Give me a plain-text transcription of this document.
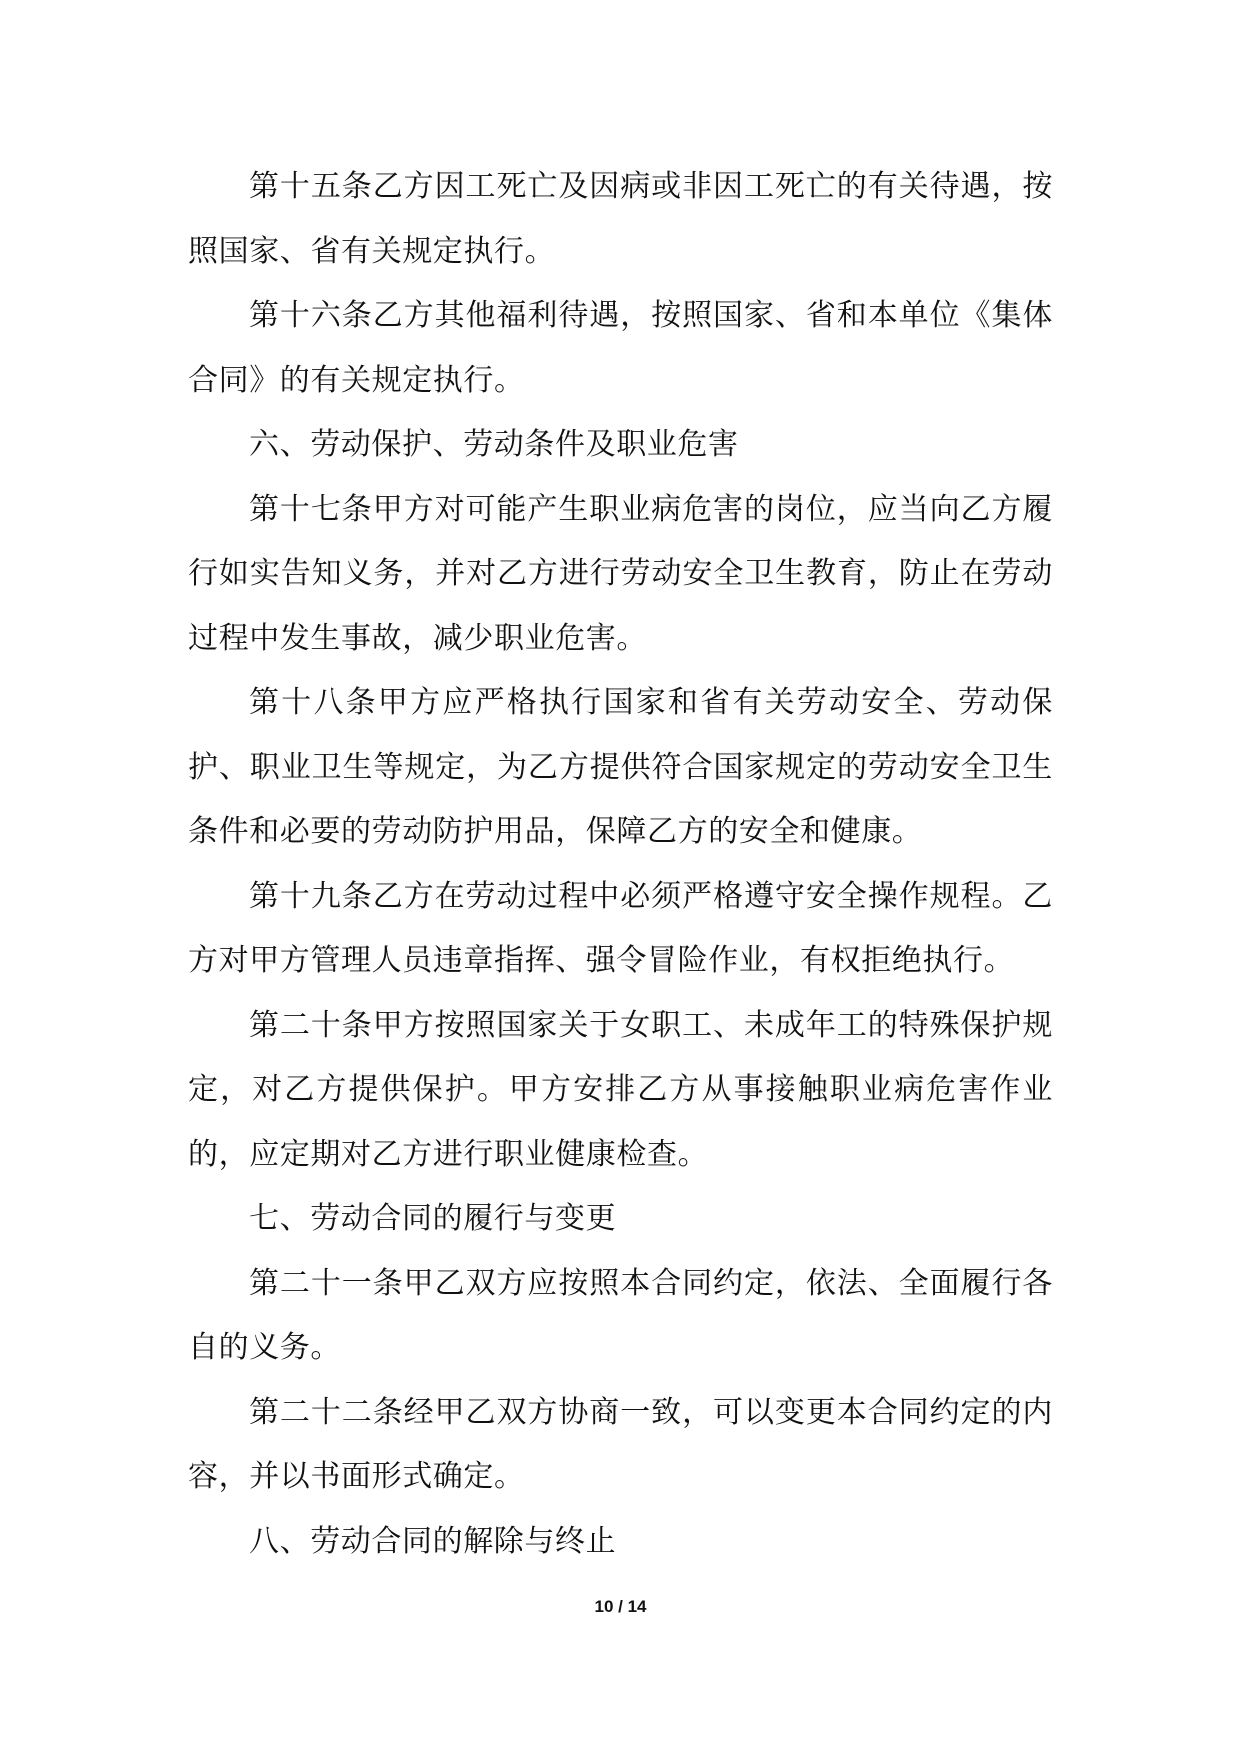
第十五条乙方因工死亡及因病或非因工死亡的有关待遇，按照国家、省有关规定执行。

第十六条乙方其他福利待遇，按照国家、省和本单位《集体合同》的有关规定执行。

六、劳动保护、劳动条件及职业危害

第十七条甲方对可能产生职业病危害的岗位，应当向乙方履行如实告知义务，并对乙方进行劳动安全卫生教育，防止在劳动过程中发生事故，减少职业危害。

第十八条甲方应严格执行国家和省有关劳动安全、劳动保护、职业卫生等规定，为乙方提供符合国家规定的劳动安全卫生条件和必要的劳动防护用品，保障乙方的安全和健康。

第十九条乙方在劳动过程中必须严格遵守安全操作规程。乙方对甲方管理人员违章指挥、强令冒险作业，有权拒绝执行。

第二十条甲方按照国家关于女职工、未成年工的特殊保护规定，对乙方提供保护。甲方安排乙方从事接触职业病危害作业的，应定期对乙方进行职业健康检查。

七、劳动合同的履行与变更

第二十一条甲乙双方应按照本合同约定，依法、全面履行各自的义务。

第二十二条经甲乙双方协商一致，可以变更本合同约定的内容，并以书面形式确定。

八、劳动合同的解除与终止

10 / 14
